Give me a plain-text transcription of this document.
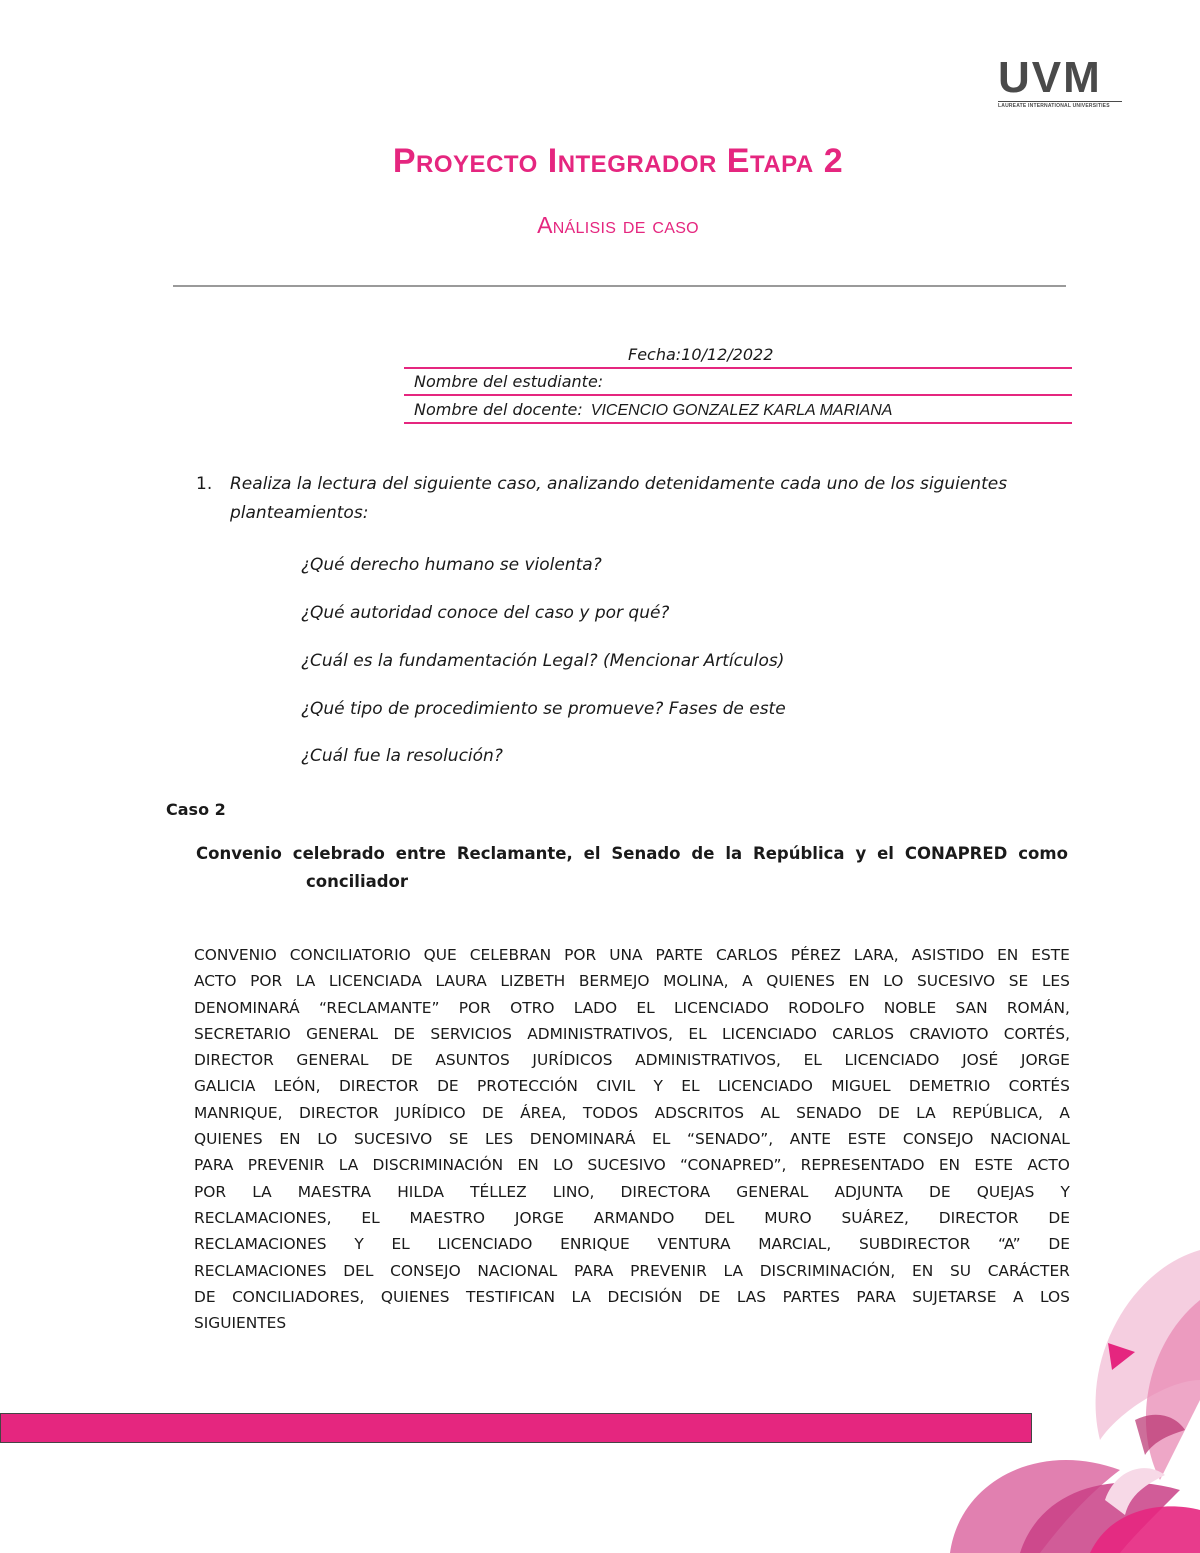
UVM
LAUREATE INTERNATIONAL UNIVERSITIES
Proyecto Integrador Etapa 2
Análisis de caso
Fecha:10/12/2022
Nombre del estudiante:
Nombre del docente: VICENCIO GONZALEZ KARLA MARIANA
1. Realiza la lectura del siguiente caso, analizando detenidamente cada uno de los siguientes planteamientos:
¿Qué derecho humano se violenta?
¿Qué autoridad conoce del caso y por qué?
¿Cuál es la fundamentación Legal? (Mencionar Artículos)
¿Qué tipo de procedimiento se promueve? Fases de este
¿Cuál fue la resolución?
Caso 2
Convenio celebrado entre Reclamante, el Senado de la República y el CONAPRED como
conciliador
CONVENIO CONCILIATORIO QUE CELEBRAN POR UNA PARTE CARLOS PÉREZ LARA, ASISTIDO EN ESTE
ACTO POR LA LICENCIADA LAURA LIZBETH BERMEJO MOLINA, A QUIENES EN LO SUCESIVO SE LES
DENOMINARÁ “RECLAMANTE” POR OTRO LADO EL LICENCIADO RODOLFO NOBLE SAN ROMÁN,
SECRETARIO GENERAL DE SERVICIOS ADMINISTRATIVOS, EL LICENCIADO CARLOS CRAVIOTO CORTÉS,
DIRECTOR GENERAL DE ASUNTOS JURÍDICOS ADMINISTRATIVOS, EL LICENCIADO JOSÉ JORGE
GALICIA LEÓN, DIRECTOR DE PROTECCIÓN CIVIL Y EL LICENCIADO MIGUEL DEMETRIO CORTÉS
MANRIQUE, DIRECTOR JURÍDICO DE ÁREA, TODOS ADSCRITOS AL SENADO DE LA REPÚBLICA, A
QUIENES EN LO SUCESIVO SE LES DENOMINARÁ EL “SENADO”, ANTE ESTE CONSEJO NACIONAL
PARA PREVENIR LA DISCRIMINACIÓN EN LO SUCESIVO “CONAPRED”, REPRESENTADO EN ESTE ACTO
POR LA MAESTRA HILDA TÉLLEZ LINO, DIRECTORA GENERAL ADJUNTA DE QUEJAS Y
RECLAMACIONES, EL MAESTRO JORGE ARMANDO DEL MURO SUÁREZ, DIRECTOR DE
RECLAMACIONES Y EL LICENCIADO ENRIQUE VENTURA MARCIAL, SUBDIRECTOR “A” DE
RECLAMACIONES DEL CONSEJO NACIONAL PARA PREVENIR LA DISCRIMINACIÓN, EN SU CARÁCTER
DE CONCILIADORES, QUIENES TESTIFICAN LA DECISIÓN DE LAS PARTES PARA SUJETARSE A LOS
SIGUIENTES
